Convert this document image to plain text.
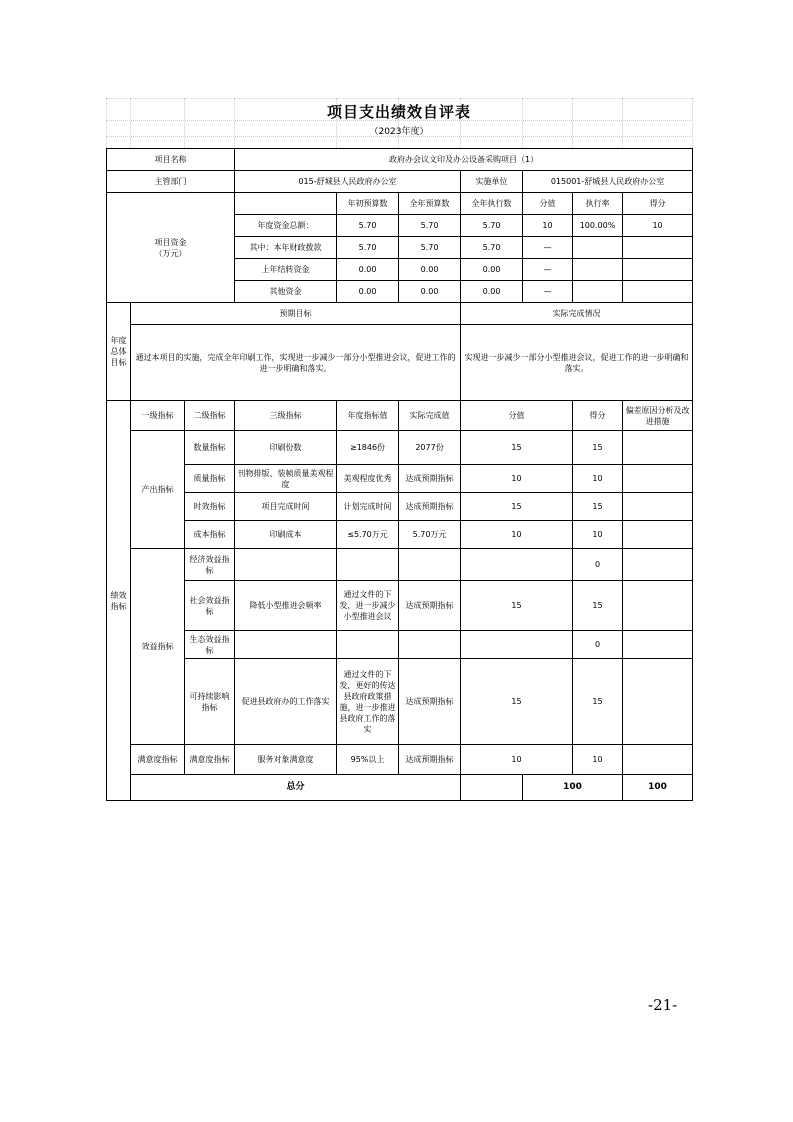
项目支出绩效自评表
（2023年度）
项目名称			政府办会议文印及办公设备采购项目（1）							
主管部门			015-舒城县人民政府办公室			实施单位	015001-舒城县人民政府办公室			
项目资金
（万元）				年初预算数	全年预算数	全年执行数	分值	执行率	得分	
			年度资金总额：	5.70	5.70	5.70	10	100.00%	10	
			其中：本年财政拨款	5.70	5.70	5.70	—			
			上年结转资金	0.00	0.00	0.00	—			
			其他资金	0.00	0.00	0.00	—			
年度总体目标	预期目标					实际完成情况				
	通过本项目的实施，完成全年印刷工作，实现进一步减少一部分小型推进会议，促进工作的进一步明确和落实。					实现进一步减少一部分小型推进会议，促进工作的进一步明确和落实。				
绩效指标	一级指标	二级指标	三级指标	年度指标值	实际完成值	分值		得分	偏差原因分析及改进措施	
	产出指标	数量指标	印刷份数	≥1846份	2077份	15		15		
		质量指标	刊物排版、装帧质量美观程度	美观程度优秀	达成预期指标	10		10		
		时效指标	项目完成时间	计划完成时间	达成预期指标	15		15		
		成本指标	印刷成本	≤5.70万元	5.70万元	10		10		
	效益指标	经济效益指标						0		
		社会效益指标	降低小型推进会频率	通过文件的下发，进一步减少小型推进会议	达成预期指标	15		15		
		生态效益指标						0		
		可持续影响指标	促进县政府办的工作落实	通过文件的下发，更好的传达县政府政策措施，进一步推进县政府工作的落实	达成预期指标	15		15		
	满意度指标	满意度指标	服务对象满意度	95%以上	达成预期指标	10		10		
	总分						100		100	
-21-
